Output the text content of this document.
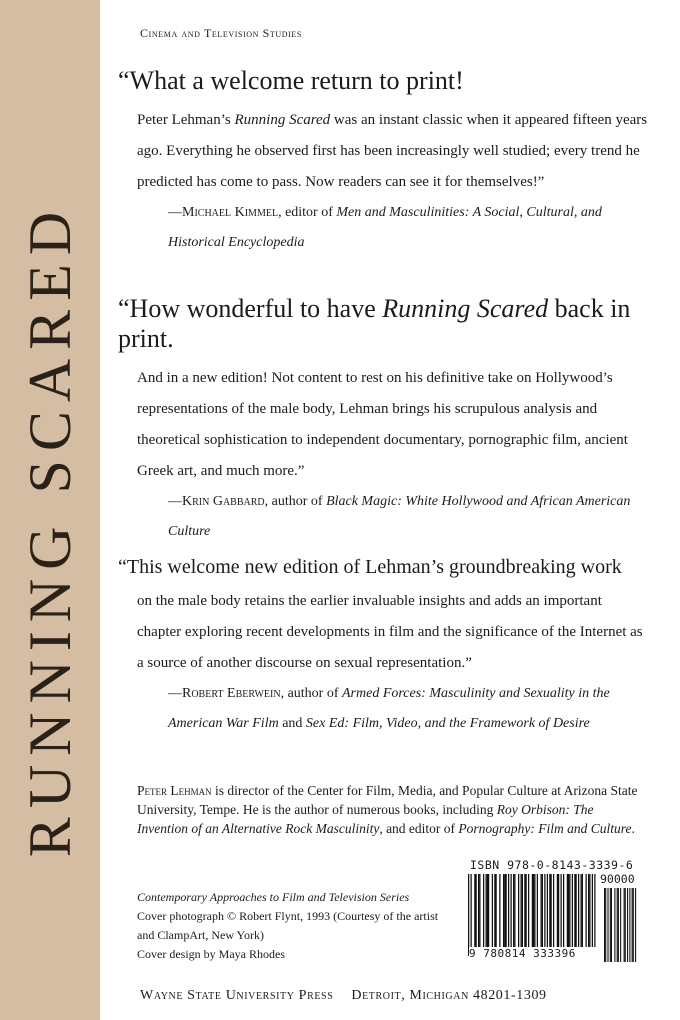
RUNNING SCARED
Cinema and Television Studies

“What a welcome return to print!

Peter Lehman’s Running Scared was an instant classic when it appeared fifteen years ago. Everything he observed first has been increasingly well studied; every trend he predicted has come to pass. Now readers can see it for themselves!”

—Michael Kimmel, editor of Men and Masculinities: A Social, Cultural, and Historical Encyclopedia

“How wonderful to have Running Scared back in print.

And in a new edition! Not content to rest on his definitive take on Hollywood’s representations of the male body, Lehman brings his scrupulous analysis and theoretical sophistication to independent documentary, pornographic film, ancient Greek art, and much more.”

—Krin Gabbard, author of Black Magic: White Hollywood and African American Culture

“This welcome new edition of Lehman’s groundbreaking work

on the male body retains the earlier invaluable insights and adds an important chapter exploring recent developments in film and the significance of the Internet as a source of another discourse on sexual representation.”

—Robert Eberwein, author of Armed Forces: Masculinity and Sexuality in the American War Film and Sex Ed: Film, Video, and the Framework of Desire

Peter Lehman is director of the Center for Film, Media, and Popular Culture at Arizona State University, Tempe. He is the author of numerous books, including Roy Orbison: The Invention of an Alternative Rock Masculinity, and editor of Pornography: Film and Culture.
Contemporary Approaches to Film and Television Series
Cover photograph © Robert Flynt, 1993 (Courtesy of the artist
and ClampArt, New York)
Cover design by Maya Rhodes
ISBN 978-0-8143-3339-6
90000
9 780814 333396
Wayne State University Press Detroit, Michigan 48201-1309
